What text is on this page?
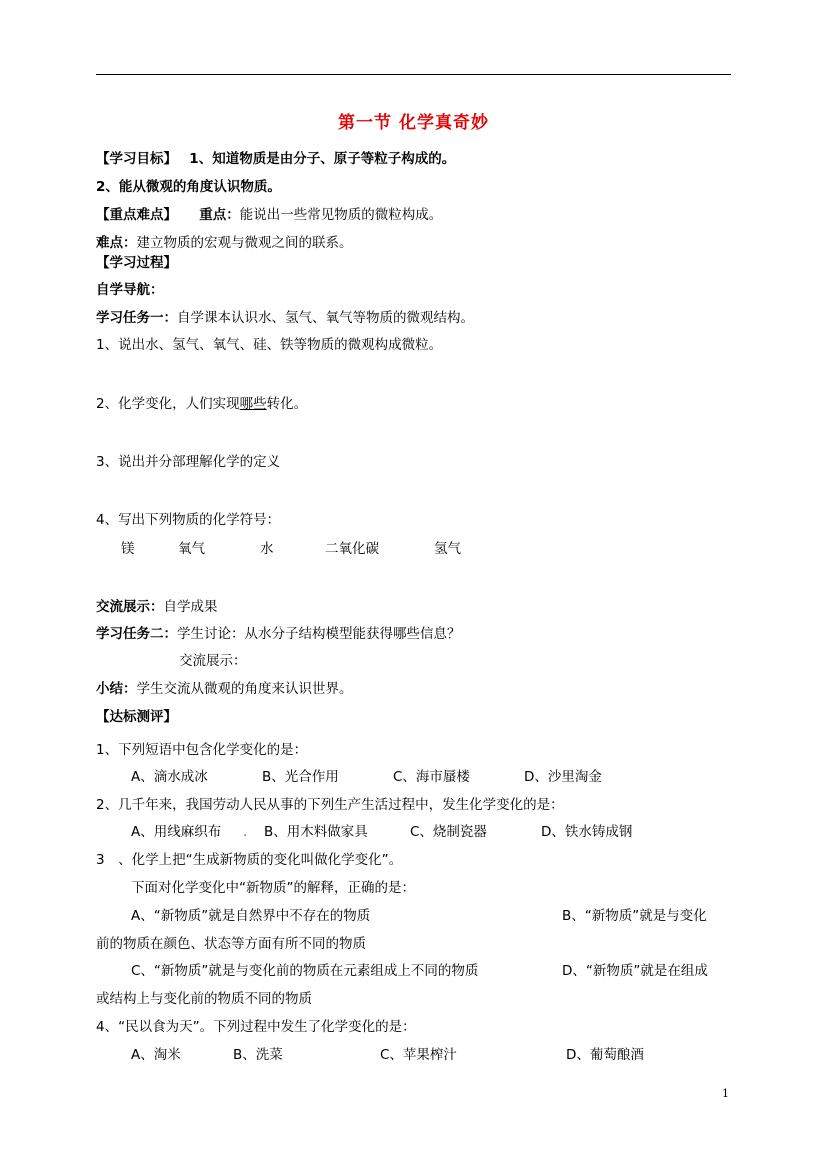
第一节 化学真奇妙
【学习目标】 1、知道物质是由分子、原子等粒子构成的。
2、能从微观的角度认识物质。
【重点难点】 重点：能说出一些常见物质的微粒构成。
难点：建立物质的宏观与微观之间的联系。
【学习过程】
自学导航：
学习任务一：自学课本认识水、氢气、氧气等物质的微观结构。
1、说出水、氢气、氧气、硅、铁等物质的微观构成微粒。
2、化学变化，人们实现哪些转化。
3、说出并分部理解化学的定义
4、写出下列物质的化学符号：
镁	氧气	水	二氧化碳	氢气
交流展示：自学成果
学习任务二：学生讨论：从水分子结构模型能获得哪些信息？
交流展示：
小结：学生交流从微观的角度来认识世界。
【达标测评】
1、下列短语中包含化学变化的是：
A、滴水成冰	B、光合作用	C、海市蜃楼	D、沙里淘金
2、几千年来，我国劳动人民从事的下列生产生活过程中，发生化学变化的是：
A、用线麻织布 . B、用木料做家具	C、烧制瓷器	D、铁水铸成钢
3　、化学上把“生成新物质的变化叫做化学变化”。
下面对化学变化中“新物质”的解释，正确的是：
A、“新物质”就是自然界中不存在的物质	B、“新物质”就是与变化
前的物质在颜色、状态等方面有所不同的物质
C、“新物质”就是与变化前的物质在元素组成上不同的物质	D、“新物质”就是在组成
或结构上与变化前的物质不同的物质
4、“民以食为天”。下列过程中发生了化学变化的是：
A、淘米	B、洗菜	C、苹果榨汁	D、葡萄酿酒
1
